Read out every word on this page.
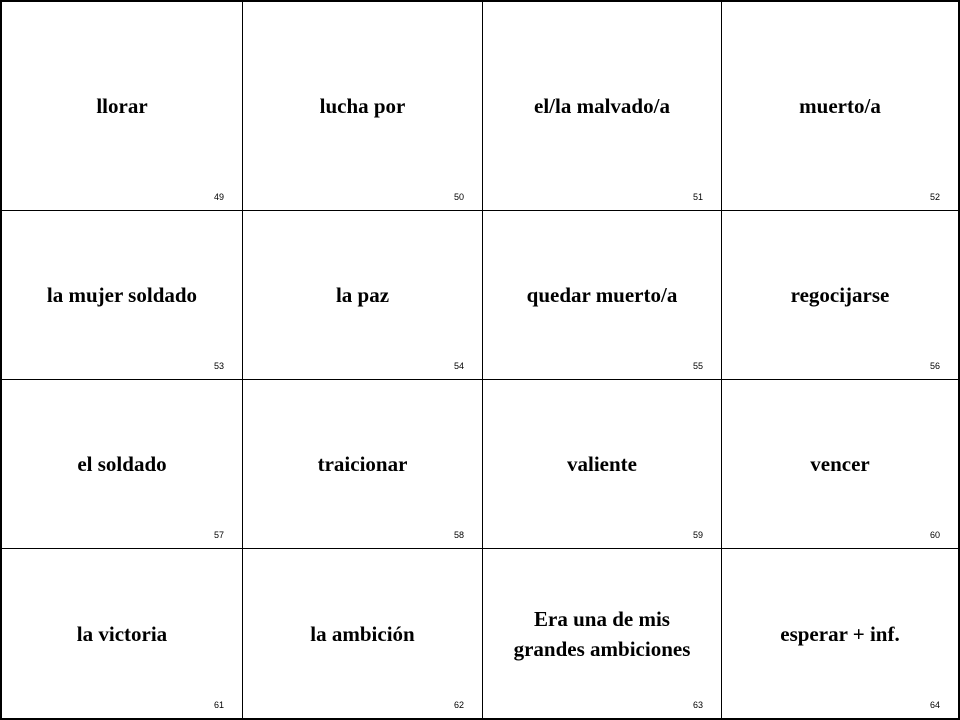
llorar
49
lucha por
50
el/la malvado/a
51
muerto/a
52
la mujer soldado
53
la paz
54
quedar muerto/a
55
regocijarse
56
el soldado
57
traicionar
58
valiente
59
vencer
60
la victoria
61
la ambición
62
Era una de mis grandes ambiciones
63
esperar + inf.
64
